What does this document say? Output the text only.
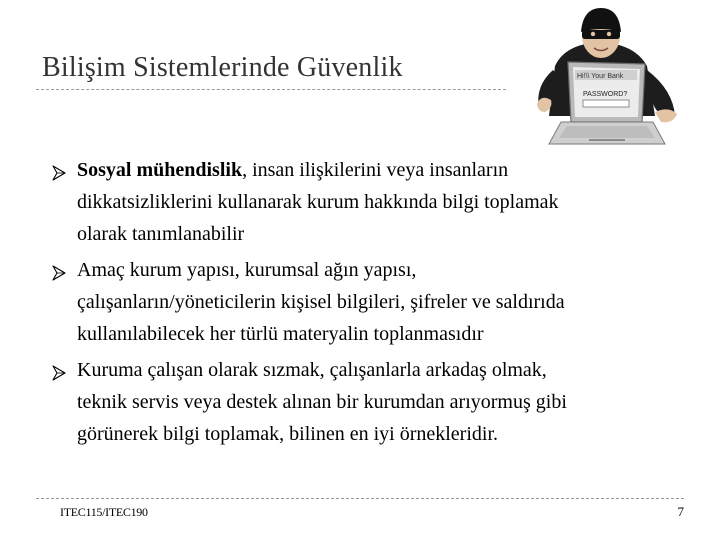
Bilişim Sistemlerinde Güvenlik	Hi!\\ Your Bank
PASSWORD?
Sosyal mühendislik, insan ilişkilerini veya insanların
dikkatsizliklerini kullanarak kurum hakkında bilgi toplamak
olarak tanımlanabilir
Amaç kurum yapısı, kurumsal ağın yapısı,
çalışanların/yöneticilerin kişisel bilgileri, şifreler ve saldırıda
kullanılabilecek her türlü materyalin toplanmasıdır
Kuruma çalışan olarak sızmak, çalışanlarla arkadaş olmak,
teknik servis veya destek alınan bir kurumdan arıyormuş gibi
görünerek bilgi toplamak, bilinen en iyi örnekleridir.
ITEC115/ITEC190	7
